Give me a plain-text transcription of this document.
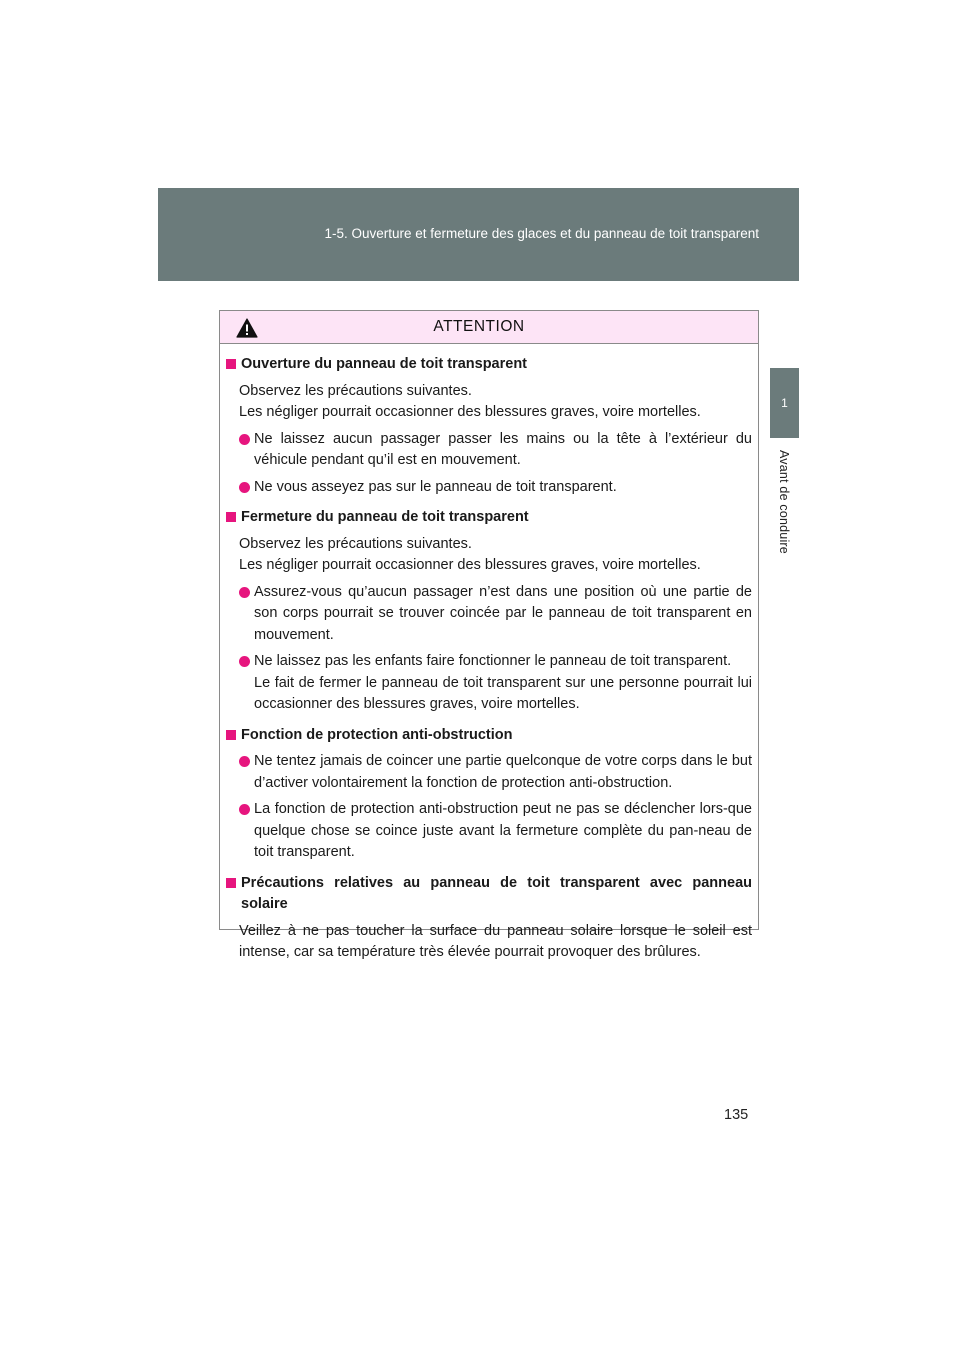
1-5. Ouverture et fermeture des glaces et du panneau de toit transparent
1
Avant de conduire
ATTENTION
Ouverture du panneau de toit transparent

Observez les précautions suivantes.

Les négliger pourrait occasionner des blessures graves, voire mortelles.

Ne laissez aucun passager passer les mains ou la tête à l’extérieur du véhicule pendant qu’il est en mouvement.

Ne vous asseyez pas sur le panneau de toit transparent.

Fermeture du panneau de toit transparent

Observez les précautions suivantes.

Les négliger pourrait occasionner des blessures graves, voire mortelles.

Assurez-vous qu’aucun passager n’est dans une position où une partie de son corps pourrait se trouver coincée par le panneau de toit transparent en mouvement.

Ne laissez pas les enfants faire fonctionner le panneau de toit transparent.

Le fait de fermer le panneau de toit transparent sur une personne pourrait lui occasionner des blessures graves, voire mortelles.

Fonction de protection anti-obstruction

Ne tentez jamais de coincer une partie quelconque de votre corps dans le but d’activer volontairement la fonction de protection anti-obstruction.

La fonction de protection anti-obstruction peut ne pas se déclencher lors-que quelque chose se coince juste avant la fermeture complète du pan-neau de toit transparent.

Précautions relatives au panneau de toit transparent avec panneau solaire

Veillez à ne pas toucher la surface du panneau solaire lorsque le soleil est intense, car sa température très élevée pourrait provoquer des brûlures.

135
